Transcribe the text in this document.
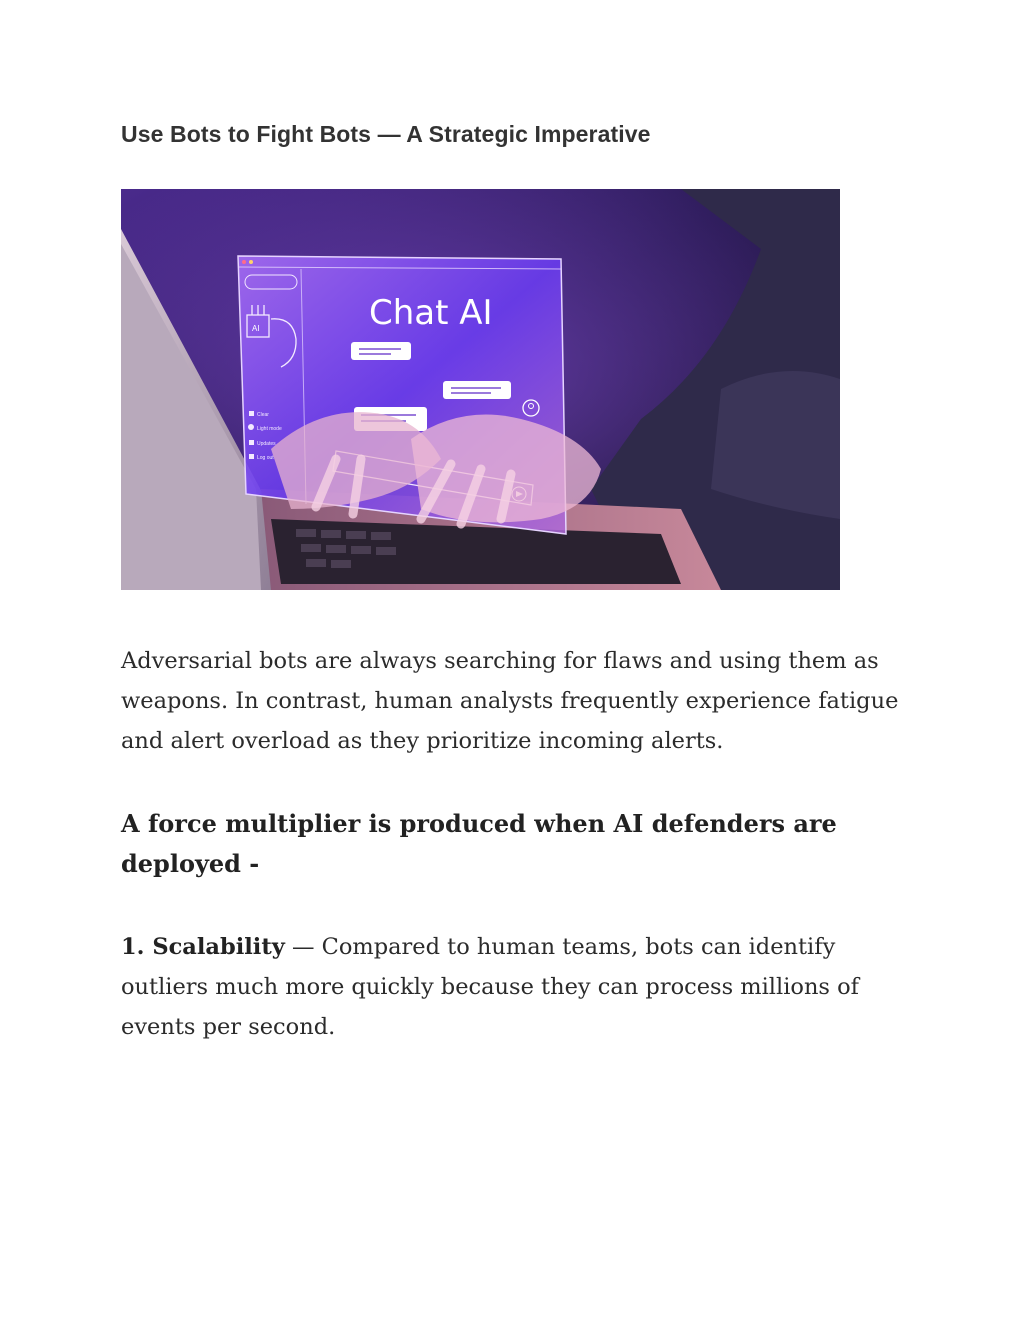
Use Bots to Fight Bots — A Strategic Imperative
AI
Clear
Light mode
Updates
Log out
Chat AI

Adversarial bots are always searching for flaws and using them as weapons. In contrast, human analysts frequently experience fatigue and alert overload as they prioritize incoming alerts.

A force multiplier is produced when AI defenders are deployed -

1. Scalability — Compared to human teams, bots can identify outliers much more quickly because they can process millions of events per second.
